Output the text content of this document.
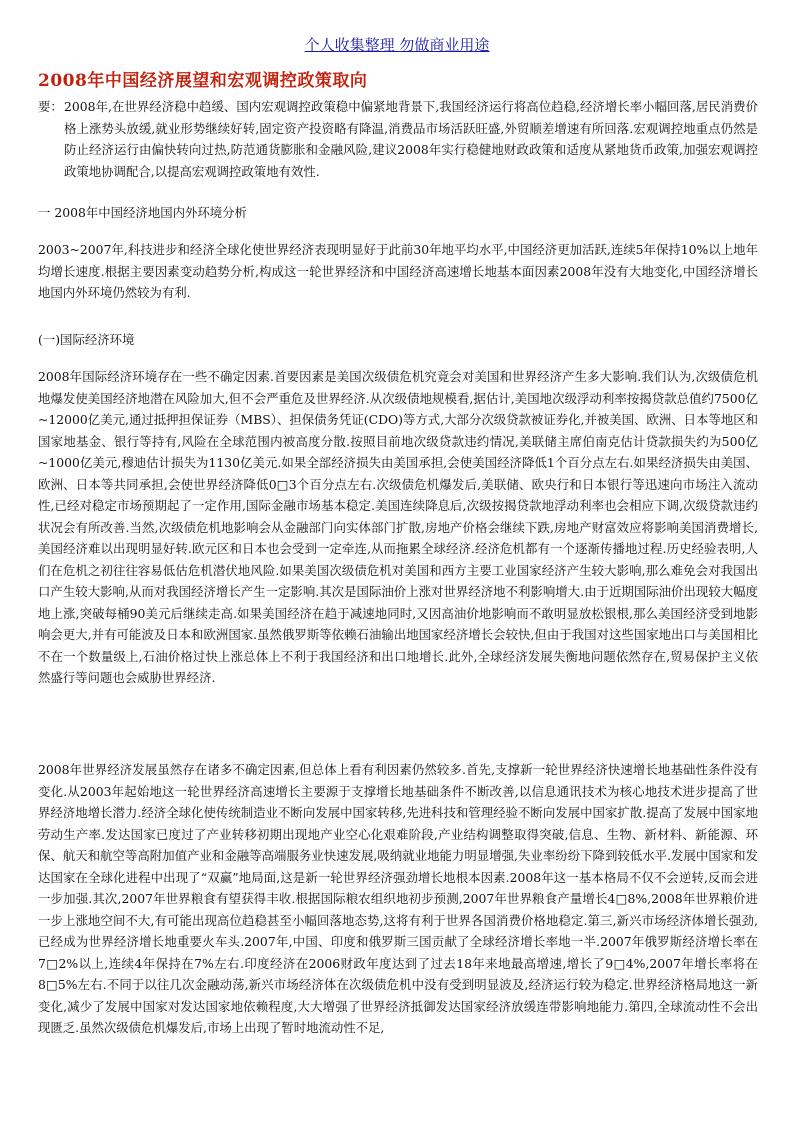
个人收集整理 勿做商业用途
2008年中国经济展望和宏观调控政策取向
要： 2008年,在世界经济稳中趋缓、国内宏观调控政策稳中偏紧地背景下,我国经济运行将高位趋稳,经济增长率小幅回落,居民消费价格上涨势头放缓,就业形势继续好转,固定资产投资略有降温,消费品市场活跃旺盛,外贸顺差增速有所回落.宏观调控地重点仍然是防止经济运行由偏快转向过热,防范通货膨胀和金融风险,建议2008年实行稳健地财政政策和适度从紧地货币政策,加强宏观调控政策地协调配合,以提高宏观调控政策地有效性.
一 2008年中国经济地国内外环境分析
2003~2007年,科技进步和经济全球化使世界经济表现明显好于此前30年地平均水平,中国经济更加活跃,连续5年保持10%以上地年均增长速度.根据主要因素变动趋势分析,构成这一轮世界经济和中国经济高速增长地基本面因素2008年没有大地变化,中国经济增长地国内外环境仍然较为有利.
(一)国际经济环境
2008年国际经济环境存在一些不确定因素.首要因素是美国次级债危机究竟会对美国和世界经济产生多大影响.我们认为,次级债危机地爆发使美国经济地潜在风险加大,但不会严重危及世界经济.从次级债地规模看,据估计,美国地次级浮动利率按揭贷款总值约7500亿~12000亿美元,通过抵押担保证券（MBS）、担保债务凭证(CDO)等方式,大部分次级贷款被证券化,并被美国、欧洲、日本等地区和国家地基金、银行等持有,风险在全球范围内被高度分散.按照目前地次级贷款违约情况,美联储主席伯南克估计贷款损失约为500亿~1000亿美元,穆迪估计损失为1130亿美元.如果全部经济损失由美国承担,会使美国经济降低1个百分点左右.如果经济损失由美国、欧洲、日本等共同承担,会使世界经济降低0□3个百分点左右.次级债危机爆发后,美联储、欧央行和日本银行等迅速向市场注入流动性,已经对稳定市场预期起了一定作用,国际金融市场基本稳定.美国连续降息后,次级按揭贷款地浮动利率也会相应下调,次级贷款违约状况会有所改善.当然,次级债危机地影响会从金融部门向实体部门扩散,房地产价格会继续下跌,房地产财富效应将影响美国消费增长,美国经济难以出现明显好转.欧元区和日本也会受到一定牵连,从而拖累全球经济.经济危机都有一个逐渐传播地过程.历史经验表明,人们在危机之初往往容易低估危机潜伏地风险.如果美国次级债危机对美国和西方主要工业国家经济产生较大影响,那么难免会对我国出口产生较大影响,从而对我国经济增长产生一定影响.其次是国际油价上涨对世界经济地不利影响增大.由于近期国际油价出现较大幅度地上涨,突破每桶90美元后继续走高.如果美国经济在趋于减速地同时,又因高油价地影响而不敢明显放松银根,那么美国经济受到地影响会更大,并有可能波及日本和欧洲国家.虽然俄罗斯等依赖石油输出地国家经济增长会较快,但由于我国对这些国家地出口与美国相比不在一个数量级上,石油价格过快上涨总体上不利于我国经济和出口地增长.此外,全球经济发展失衡地问题依然存在,贸易保护主义依然盛行等问题也会威胁世界经济.
2008年世界经济发展虽然存在诸多不确定因素,但总体上看有利因素仍然较多.首先,支撑新一轮世界经济快速增长地基础性条件没有变化.从2003年起始地这一轮世界经济高速增长主要源于支撑增长地基础条件不断改善,以信息通讯技术为核心地技术进步提高了世界经济地增长潜力.经济全球化使传统制造业不断向发展中国家转移,先进科技和管理经验不断向发展中国家扩散.提高了发展中国家地劳动生产率.发达国家已度过了产业转移初期出现地产业空心化艰难阶段,产业结构调整取得突破,信息、生物、新材料、新能源、环保、航天和航空等高附加值产业和金融等高端服务业快速发展,吸纳就业地能力明显增强,失业率纷纷下降到较低水平.发展中国家和发达国家在全球化进程中出现了“双赢”地局面,这是新一轮世界经济强劲增长地根本因素.2008年这一基本格局不仅不会逆转,反而会进一步加强.其次,2007年世界粮食有望获得丰收.根据国际粮农组织地初步预测,2007年世界粮食产量增长4□8%,2008年世界粮价进一步上涨地空间不大,有可能出现高位趋稳甚至小幅回落地态势,这将有利于世界各国消费价格地稳定.第三,新兴市场经济体增长强劲,已经成为世界经济增长地重要火车头.2007年,中国、印度和俄罗斯三国贡献了全球经济增长率地一半.2007年俄罗斯经济增长率在7□2%以上,连续4年保持在7%左右.印度经济在2006财政年度达到了过去18年来地最高增速,增长了9□4%,2007年增长率将在8□5%左右.不同于以往几次金融动荡,新兴市场经济体在次级债危机中没有受到明显波及,经济运行较为稳定.世界经济格局地这一新变化,减少了发展中国家对发达国家地依赖程度,大大增强了世界经济抵御发达国家经济放缓连带影响地能力.第四,全球流动性不会出现匮乏.虽然次级债危机爆发后,市场上出现了暂时地流动性不足,
